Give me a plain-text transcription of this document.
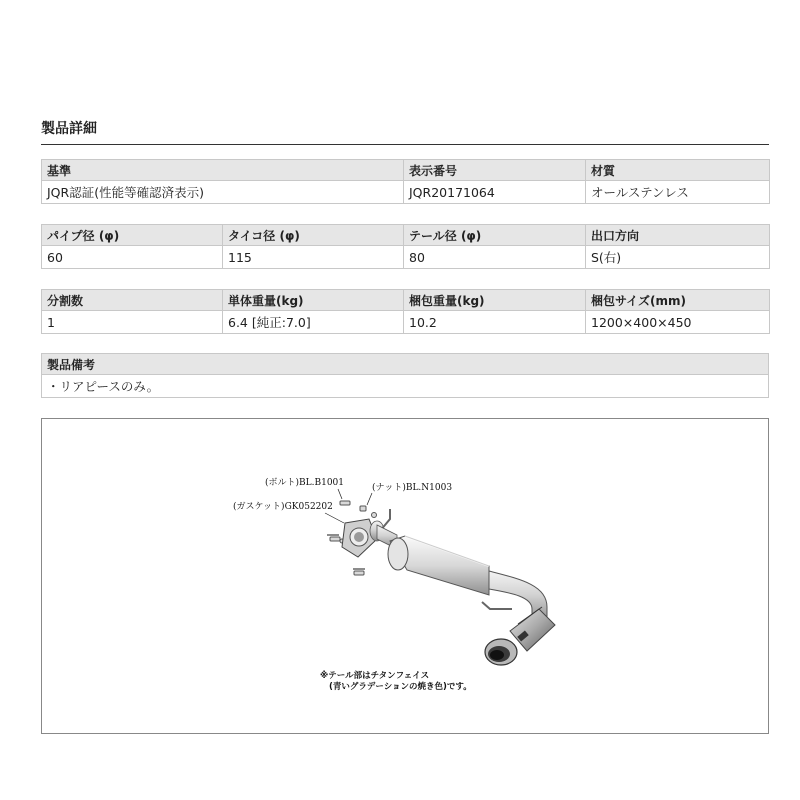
製品詳細
基準	表示番号	材質
JQR認証(性能等確認済表示)	JQR20171064	オールステンレス
パイプ径 (φ)	タイコ径 (φ)	テール径 (φ)	出口方向
60	115	80	S(右)
分割数	単体重量(kg)	梱包重量(kg)	梱包サイズ(mm)
1	6.4 [純正:7.0]	10.2	1200×400×450
製品備考
・リアピースのみ。
(ボルト)BL.B1001	(ナット)BL.N1003
(ガスケット)GK052202
※テール部はチタンフェイス
(青いグラデーションの焼き色)です。
